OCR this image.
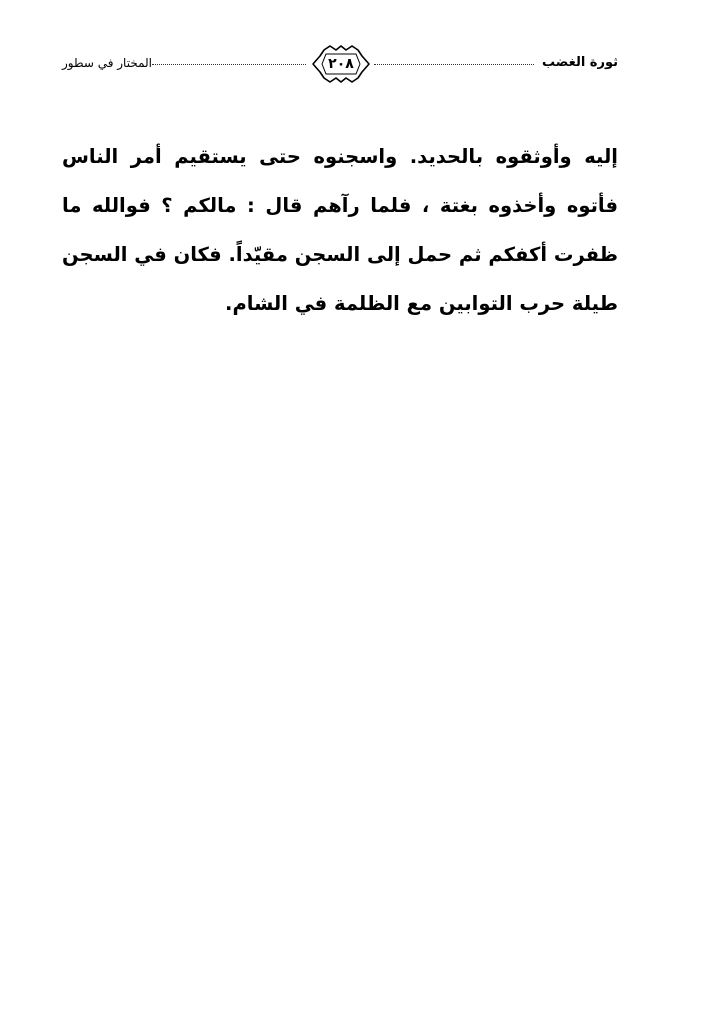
ثورة الغضب
٢٠٨
المختار في سطور

إليه وأوثقوه بالحديد. واسجنوه حتى يستقيم أمر الناس فأتوه وأخذوه بغتة ، فلما رآهم قال : مالكم ؟ فوالله ما ظفرت أكفكم ثم حمل إلى السجن مقيّداً. فكان في السجن طيلة حرب التوابين مع الظلمة في الشام.
